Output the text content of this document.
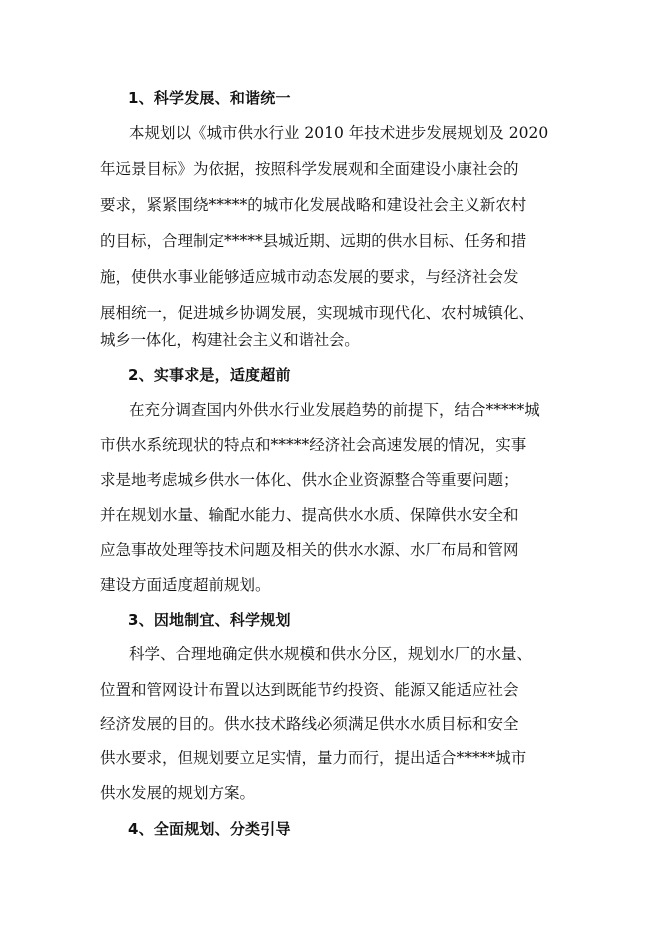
1、科学发展、和谐统一
本规划以《城市供水行业 2010 年技术进步发展规划及 2020
年远景目标》为依据，按照科学发展观和全面建设小康社会的
要求，紧紧围绕*****的城市化发展战略和建设社会主义新农村
的目标，合理制定*****县城近期、远期的供水目标、任务和措
施，使供水事业能够适应城市动态发展的要求，与经济社会发
展相统一，促进城乡协调发展，实现城市现代化、农村城镇化、
城乡一体化，构建社会主义和谐社会。
2、实事求是，适度超前
在充分调查国内外供水行业发展趋势的前提下，结合*****城
市供水系统现状的特点和*****经济社会高速发展的情况，实事
求是地考虑城乡供水一体化、供水企业资源整合等重要问题；
并在规划水量、输配水能力、提高供水水质、保障供水安全和
应急事故处理等技术问题及相关的供水水源、水厂布局和管网
建设方面适度超前规划。
3、因地制宜、科学规划
科学、合理地确定供水规模和供水分区，规划水厂的水量、
位置和管网设计布置以达到既能节约投资、能源又能适应社会
经济发展的目的。供水技术路线必须满足供水水质目标和安全
供水要求，但规划要立足实情，量力而行，提出适合*****城市
供水发展的规划方案。
4、全面规划、分类引导
